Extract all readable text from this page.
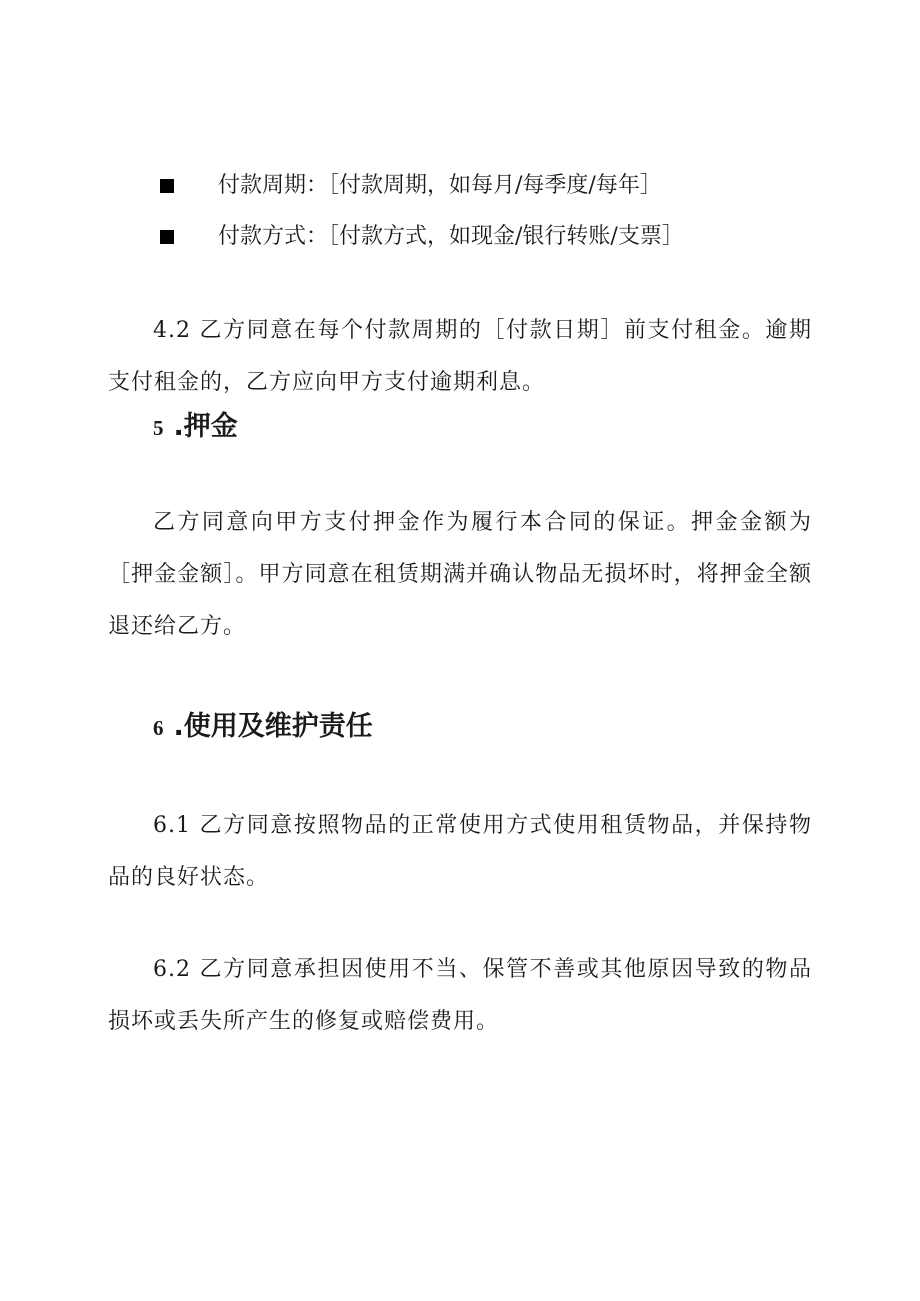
付款周期：［付款周期，如每月/每季度/每年］
付款方式：［付款方式，如现金/银行转账/支票］

4.2 乙方同意在每个付款周期的［付款日期］前支付租金。逾期支付租金的，乙方应向甲方支付逾期利息。

5 .押金

乙方同意向甲方支付押金作为履行本合同的保证。押金金额为［押金金额］。甲方同意在租赁期满并确认物品无损坏时，将押金全额退还给乙方。

6 .使用及维护责任

6.1 乙方同意按照物品的正常使用方式使用租赁物品，并保持物品的良好状态。

6.2 乙方同意承担因使用不当、保管不善或其他原因导致的物品损坏或丢失所产生的修复或赔偿费用。
